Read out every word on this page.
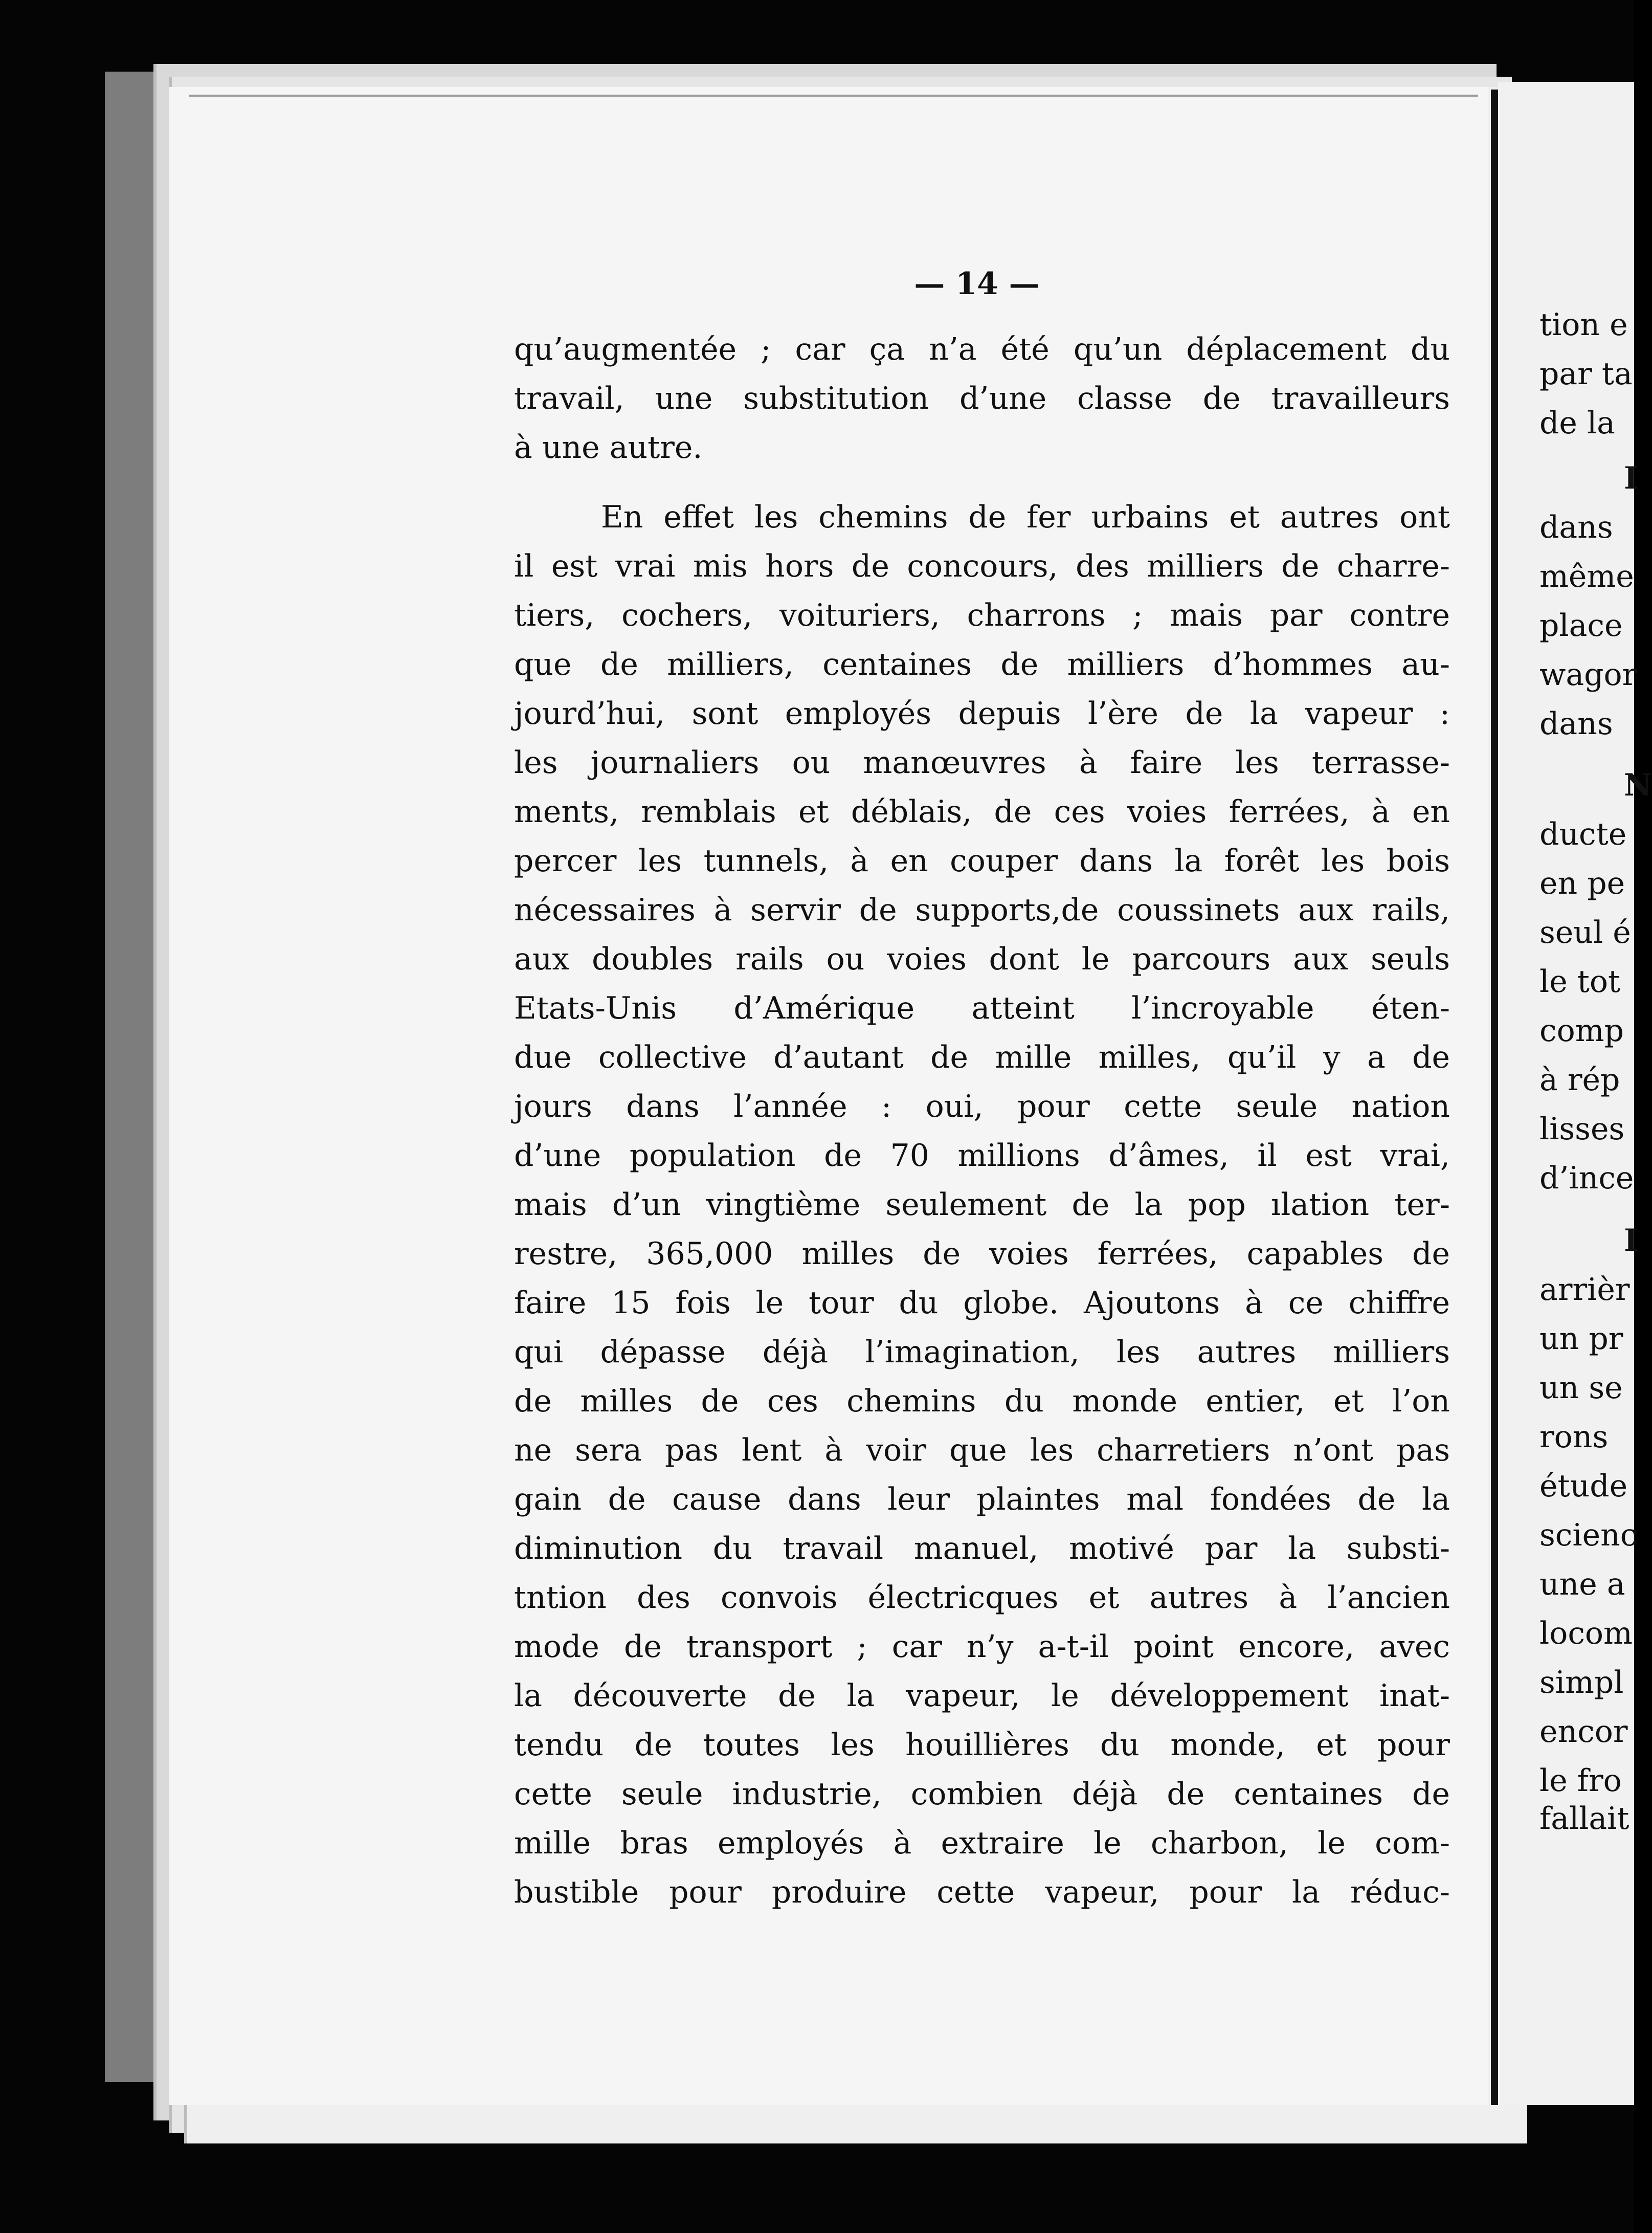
— 14 —
qu’augmentée ; car ça n’a été qu’un déplacement du
travail, une substitution d’une classe de travailleurs
à une autre.
En effet les chemins de fer urbains et autres ont
il est vrai mis hors de concours, des milliers de charre-
tiers, cochers, voituriers, charrons ; mais par contre
que de milliers, centaines de milliers d’hommes au-
jourd’hui, sont employés depuis l’ère de la vapeur :
les journaliers ou manœuvres à faire les terrasse-
ments, remblais et déblais, de ces voies ferrées, à en
percer les tunnels, à en couper dans la forêt les bois
nécessaires à servir de supports,de coussinets aux rails,
aux doubles rails ou voies dont le parcours aux seuls
Etats-Unis d’Amérique atteint l’incroyable éten-
due collective d’autant de mille milles, qu’il y a de
jours dans l’année : oui, pour cette seule nation
d’une population de 70 millions d’âmes, il est vrai,
mais d’un vingtième seulement de la pop ılation ter-
restre, 365,000 milles de voies ferrées, capables de
faire 15 fois le tour du globe. Ajoutons à ce chiffre
qui dépasse déjà l’imagination, les autres milliers
de milles de ces chemins du monde entier, et l’on
ne sera pas lent à voir que les charretiers n’ont pas
gain de cause dans leur plaintes mal fondées de la
diminution du travail manuel, motivé par la substi-
tntion des convois électricques et autres à l’ancien
mode de transport ; car n’y a-t-il point encore, avec
la découverte de la vapeur, le développement inat-
tendu de toutes les houillières du monde, et pour
cette seule industrie, combien déjà de centaines de
mille bras employés à extraire le charbon, le com-
bustible pour produire cette vapeur, pour la réduc-
tion e
par ta
de la
I
dans
même
place
wagor
dans
N
ducte
en pe
seul é
le tot
comp
à rép
lisses
d’ince
I
arrièr
un pr
un se
rons
étude
scienc
une a
locom
simpl
encor
le fro
fallait
